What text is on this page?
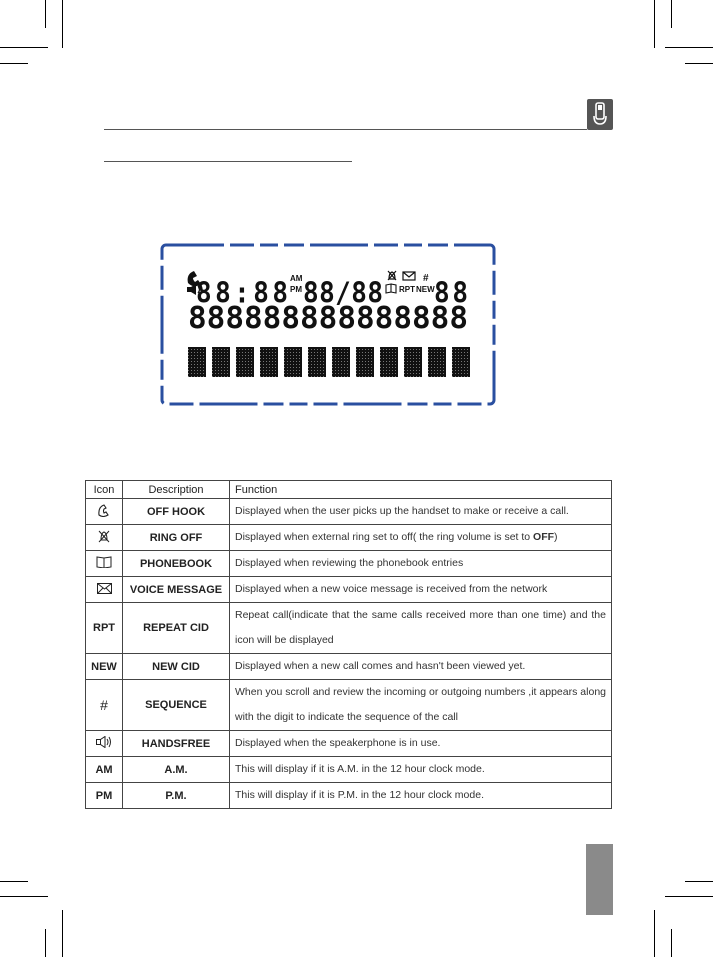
88:88 AM
PM 88/88	#
RPT NEW 88
888888888888888
Icon	Description	Function
	OFF HOOK	Displayed when the user picks up the handset to make or receive a call.
	RING OFF	Displayed when external ring set to off( the ring volume is set to OFF)
	PHONEBOOK	Displayed when reviewing the phonebook entries
	VOICE MESSAGE	Displayed when a new voice message is received from the network
RPT	REPEAT CID	Repeat call(indicate that the same calls received more than one time) and the icon will be displayed
NEW	NEW CID	Displayed when a new call comes and hasn't been viewed yet.
#	SEQUENCE	When you scroll and review the incoming or outgoing numbers ,it appears along with the digit to indicate the sequence of the call
	HANDSFREE	Displayed when the speakerphone is in use.
AM	A.M.	This will display if it is A.M. in the 12 hour clock mode.
PM	P.M.	This will display if it is P.M. in the 12 hour clock mode.
